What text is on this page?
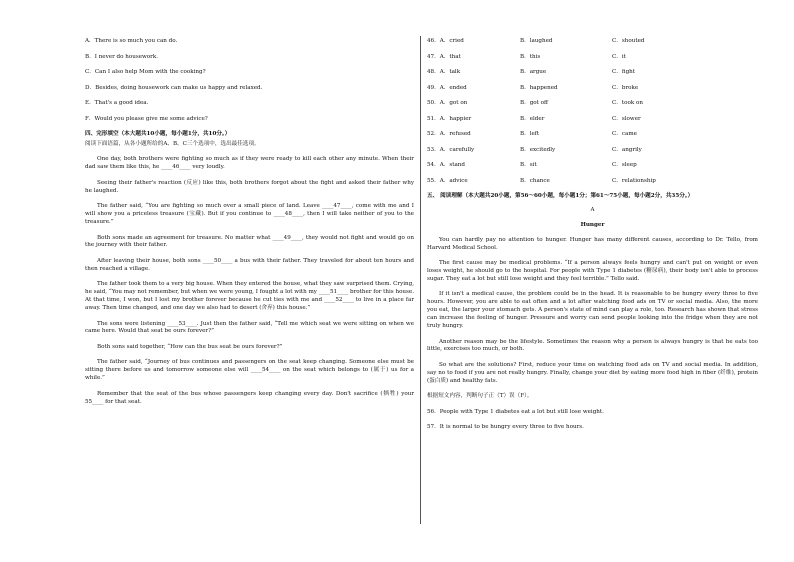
A．There is so much you can do.

B．I never do housework.

C．Can I also help Mom with the cooking?

D．Besides, doing housework can make us happy and relaxed.

E．That's a good idea.

F．Would you please give me some advice?

四、完形填空（本大题共10小题，每小题1分，共10分。）

阅读下面语篇，从各小题所给的A、B、C三个选项中，选出最佳选项。

One day, both brothers were fighting so much as if they were ready to kill each other any minute. When their dad saw them like this, he ____46____ very loudly.

Seeing their father's reaction (反应) like this, both brothers forgot about the fight and asked their father why he laughed.

The father said, “You are fighting so much over a small piece of land. Leave ____47____, come with me and I will show you a priceless treasure (宝藏). But if you continue to ____48____, then I will take neither of you to the treasure.”

Both sons made an agreement for treasure. No matter what ____49____, they would not fight and would go on the journey with their father.

After leaving their house, both sons ____50____ a bus with their father. They traveled for about ten hours and then reached a village.

The father took them to a very big house. When they entered the house, what they saw surprised them. Crying, he said, “You may not remember, but when we were young, I fought a lot with my ____51____ brother for this house. At that time, I won, but I lost my brother forever because he cut ties with me and ____52____ to live in a place far away. Then time changed, and one day we also had to desert (舍弃) this house.”

The sons were listening ____53____. Just then the father said, “Tell me which seat we were sitting on when we came here. Would that seat be ours forever?”

Both sons said together, “How can the bus seat be ours forever?”

The father said, “Journey of bus continues and passengers on the seat keep changing. Someone else must be sitting there before us and tomorrow someone else will ____54____ on the seat which belongs to (属于) us for a while.”

Remember that the seat of the bus whose passengers keep changing every day. Don't sacrifice (牺牲) your 55____ for that seat.

46．A．cried	B．laughed	C．shouted
47．A．that	B．this	C．it
48．A．talk	B．argue	C．fight
49．A．ended	B．happened	C．broke
50．A．got on	B．got off	C．took on
51．A．happier	B．elder	C．slower
52．A．refused	B．left	C．came
53．A．carefully	B．excitedly	C．angrily
54．A．stand	B．sit	C．sleep
55．A．advice	B．chance	C．relationship

五、 阅读理解（本大题共20小题，第56～60小题，每小题1分；第61～75小题，每小题2分，共35分。）

A

Hunger

You can hardly pay no attention to hunger. Hunger has many different causes, according to Dr. Tello, from Harvard Medical School.

The first cause may be medical problems. “If a person always feels hungry and can't put on weight or even loses weight, he should go to the hospital. For people with Type 1 diabetes (糖尿病), their body isn't able to process sugar. They eat a lot but still lose weight and they feel terrible.” Tello said.

If it isn't a medical cause, the problem could be in the head. It is reasonable to be hungry every three to five hours. However, you are able to eat often and a lot after watching food ads on TV or social media. Also, the more you eat, the larger your stomach gets. A person's state of mind can play a role, too. Research has shown that stress can increase the feeling of hunger. Pressure and worry can send people looking into the fridge when they are not truly hungry.

Another reason may be the lifestyle. Sometimes the reason why a person is always hungry is that he eats too little, exercises too much, or both.

So what are the solutions? First, reduce your time on watching food ads on TV and social media. In addition, say no to food if you are not really hungry. Finally, change your diet by eating more food high in fiber (纤维), protein (蛋白质) and healthy fats.

根据短文内容，判断句子正（T）误（F）。

56．People with Type 1 diabetes eat a lot but still lose weight.

57．It is normal to be hungry every three to five hours.
